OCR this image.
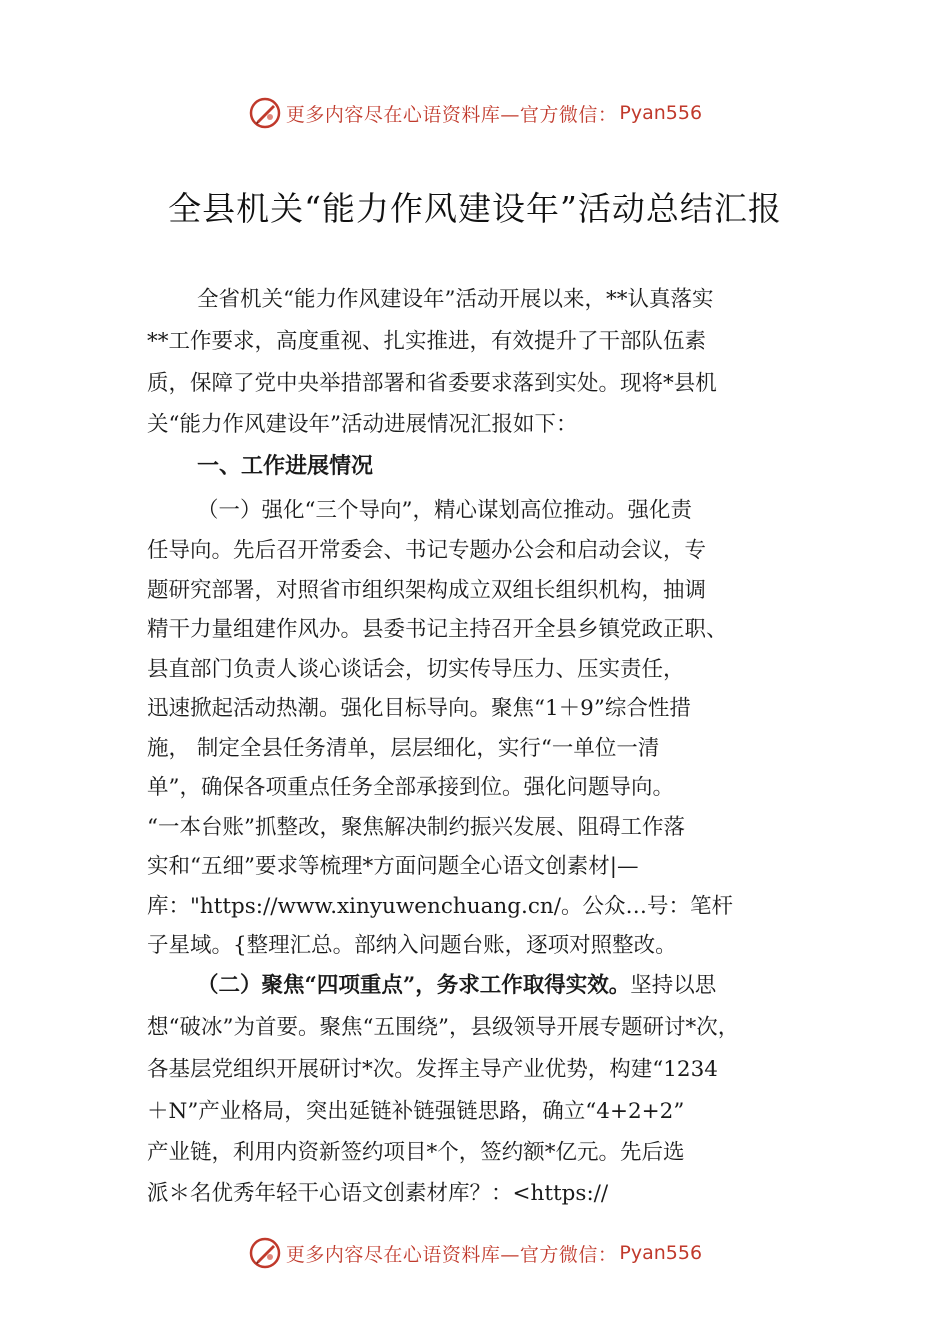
更多内容尽在心语资料库—官方微信： Pyan556
全县机关“能力作风建设年”活动总结汇报
全省机关“能力作风建设年”活动开展以来，**认真落实
**工作要求，高度重视、扎实推进，有效提升了干部队伍素
质，保障了党中央举措部署和省委要求落到实处。现将*县机
关“能力作风建设年”活动进展情况汇报如下：
一、工作进展情况
（一）强化“三个导向”，精心谋划高位推动。强化责
任导向。先后召开常委会、书记专题办公会和启动会议，专
题研究部署，对照省市组织架构成立双组长组织机构，抽调
精干力量组建作风办。县委书记主持召开全县乡镇党政正职、
县直部门负责人谈心谈话会，切实传导压力、压实责任，
迅速掀起活动热潮。强化目标导向。聚焦“1＋9”综合性措
施， 制定全县任务清单，层层细化，实行“一单位一清
单”，确保各项重点任务全部承接到位。强化问题导向。
“一本台账”抓整改，聚焦解决制约振兴发展、阻碍工作落
实和“五细”要求等梳理*方面问题全心语文创素材|—
库："https://www.xinyuwenchuang.cn/。公众…号：笔杆
子星域。{整理汇总。部纳入问题台账，逐项对照整改。
（二）聚焦“四项重点”，务求工作取得实效。坚持以思
想“破冰”为首要。聚焦“五围绕”，县级领导开展专题研讨*次，
各基层党组织开展研讨*次。发挥主导产业优势，构建“1234
＋N”产业格局，突出延链补链强链思路，确立“4+2+2”
产业链，利用内资新签约项目*个，签约额*亿元。先后选
派＊名优秀年轻干心语文创素材库？：<https://
更多内容尽在心语资料库—官方微信： Pyan556
